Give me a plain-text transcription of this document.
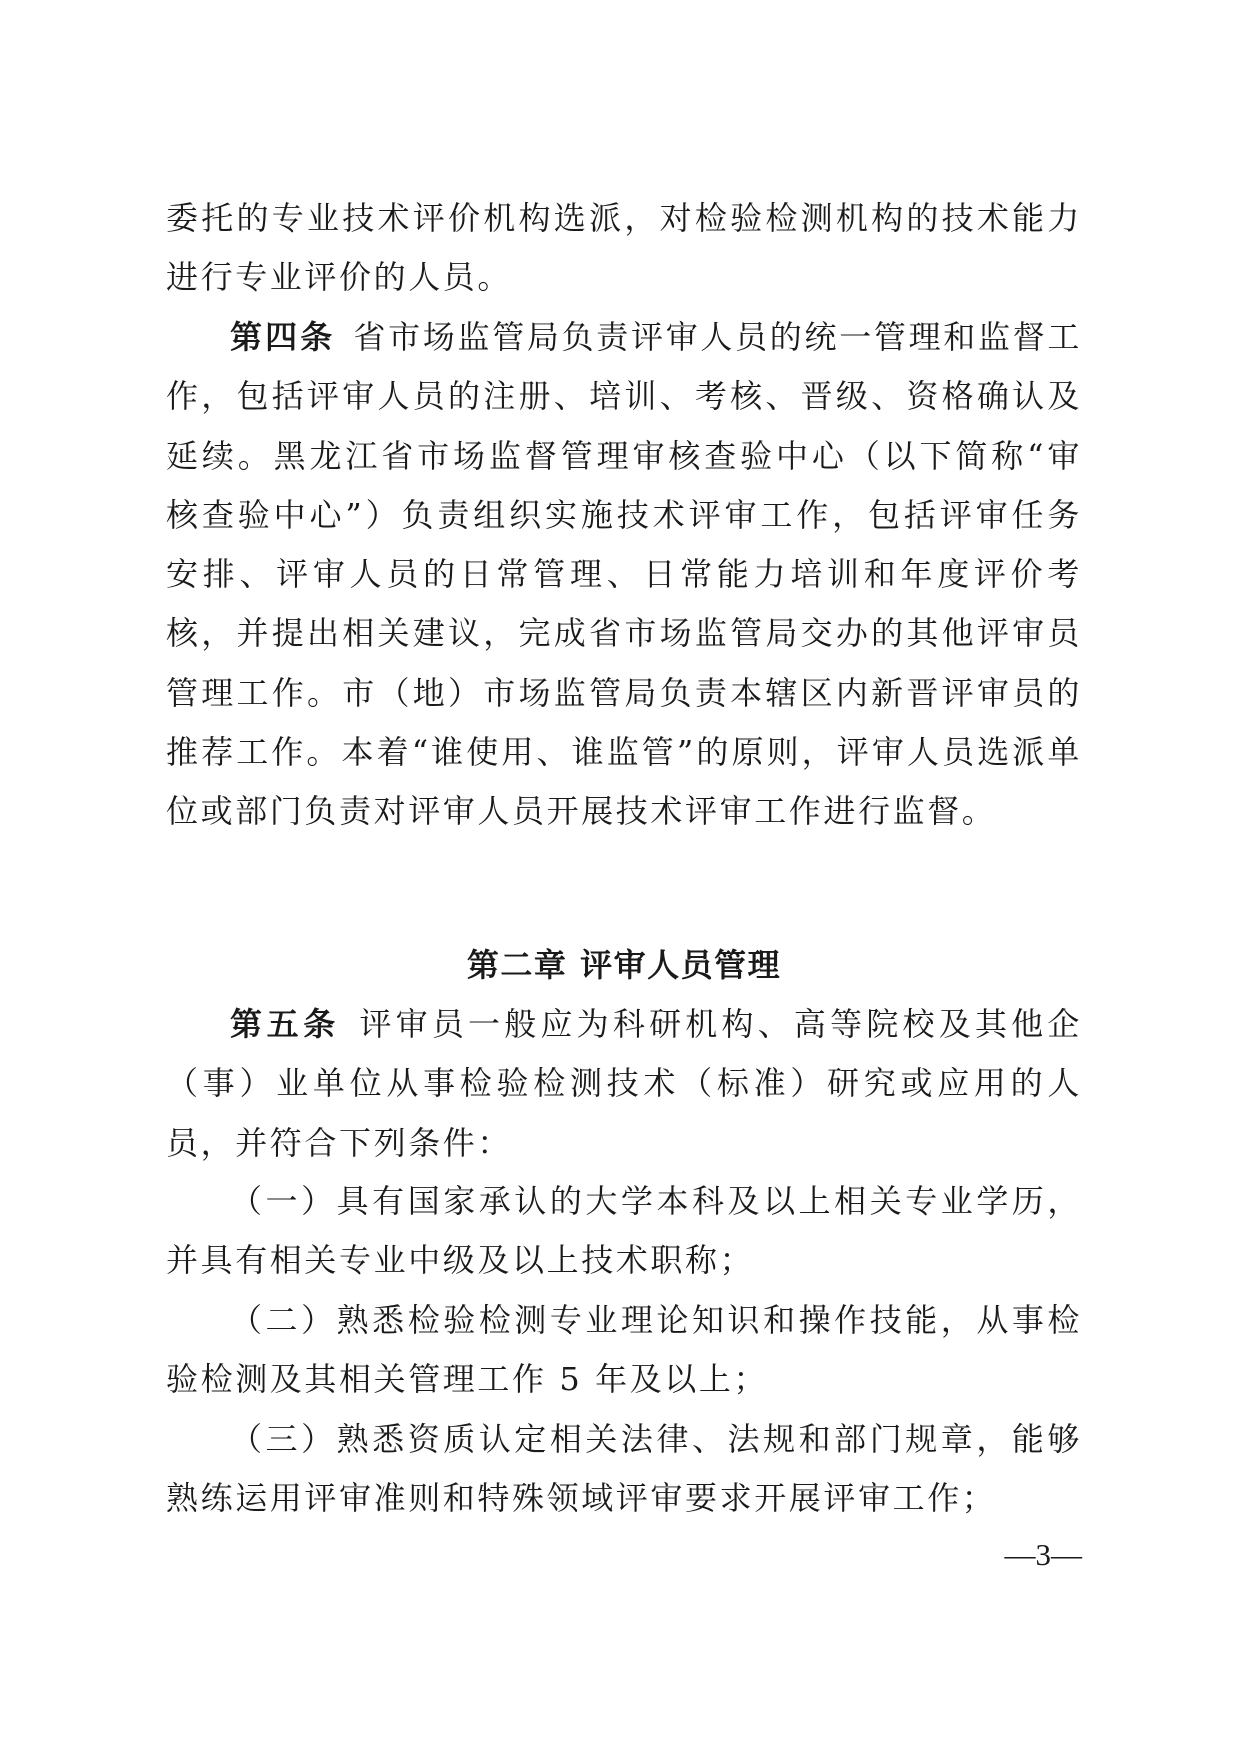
委托的专业技术评价机构选派，对检验检测机构的技术能力进行专业评价的人员。

第四条 省市场监管局负责评审人员的统一管理和监督工作，包括评审人员的注册、培训、考核、晋级、资格确认及延续。黑龙江省市场监督管理审核查验中心（以下简称“审核查验中心”）负责组织实施技术评审工作，包括评审任务安排、评审人员的日常管理、日常能力培训和年度评价考核，并提出相关建议，完成省市场监管局交办的其他评审员管理工作。市（地）市场监管局负责本辖区内新晋评审员的推荐工作。本着“谁使用、谁监管”的原则，评审人员选派单位或部门负责对评审人员开展技术评审工作进行监督。

第二章 评审人员管理

第五条 评审员一般应为科研机构、高等院校及其他企（事）业单位从事检验检测技术（标准）研究或应用的人员，并符合下列条件：

（一）具有国家承认的大学本科及以上相关专业学历，并具有相关专业中级及以上技术职称；

（二）熟悉检验检测专业理论知识和操作技能，从事检验检测及其相关管理工作 5 年及以上；

（三）熟悉资质认定相关法律、法规和部门规章，能够熟练运用评审准则和特殊领域评审要求开展评审工作；

—3—
